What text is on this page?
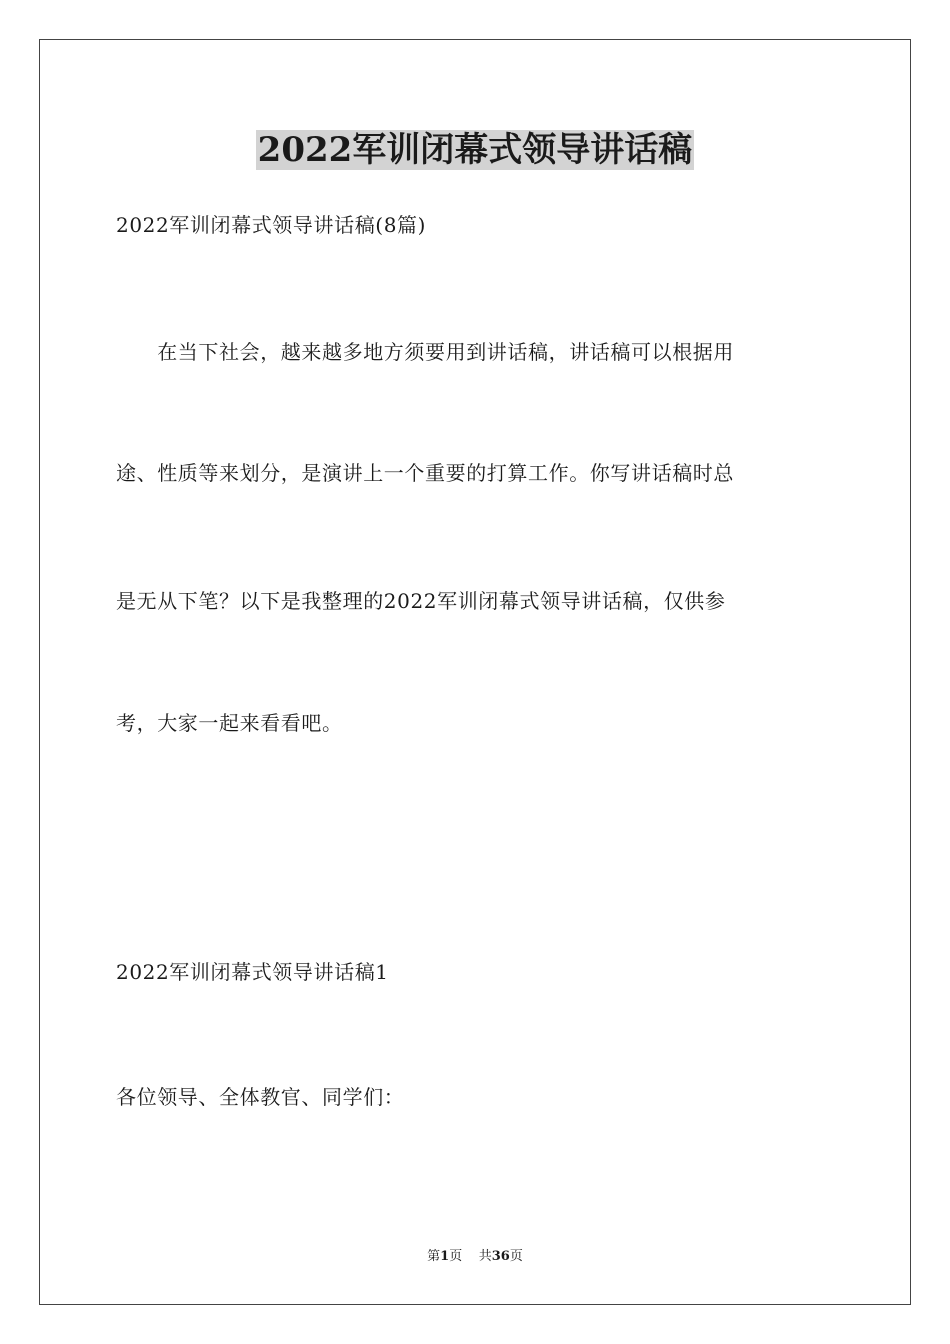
2022军训闭幕式领导讲话稿
2022军训闭幕式领导讲话稿(8篇)
　　在当下社会，越来越多地方须要用到讲话稿，讲话稿可以根据用
途、性质等来划分，是演讲上一个重要的打算工作。你写讲话稿时总
是无从下笔？以下是我整理的2022军训闭幕式领导讲话稿，仅供参
考，大家一起来看看吧。
2022军训闭幕式领导讲话稿1
各位领导、全体教官、同学们：
第1页 共36页
